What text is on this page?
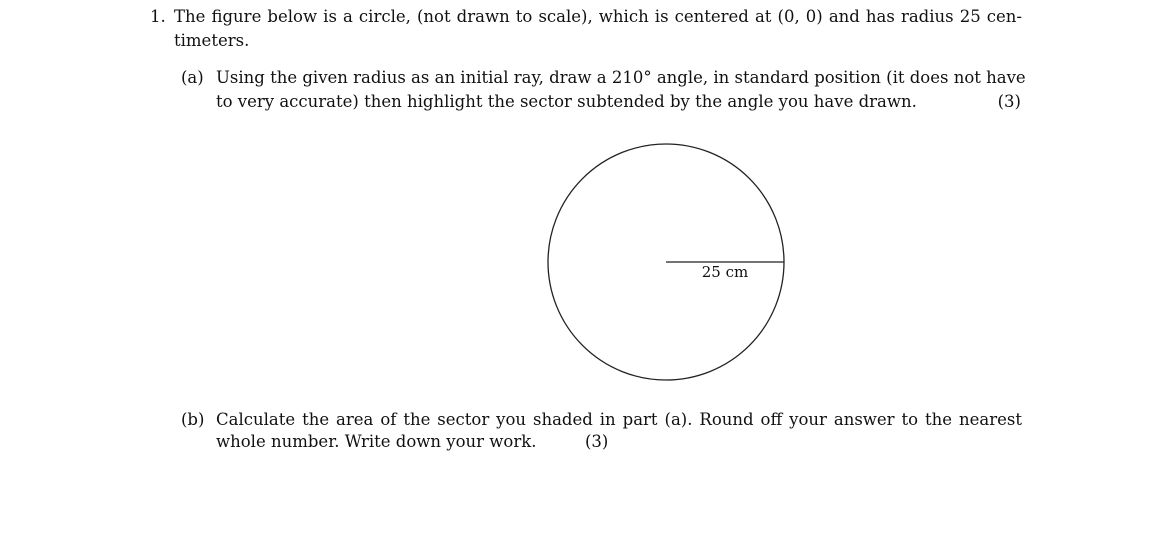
1. The figure below is a circle, (not drawn to scale), which is centered at (0, 0) and has radius 25 cen-
timeters.
(a) Using the given radius as an initial ray, draw a 210° angle, in standard position (it does not have
to very accurate) then highlight the sector subtended by the angle you have drawn.	(3)
25 cm
(b) Calculate the area of the sector you shaded in part (a). Round off your answer to the nearest
whole number. Write down your work.	(3)
